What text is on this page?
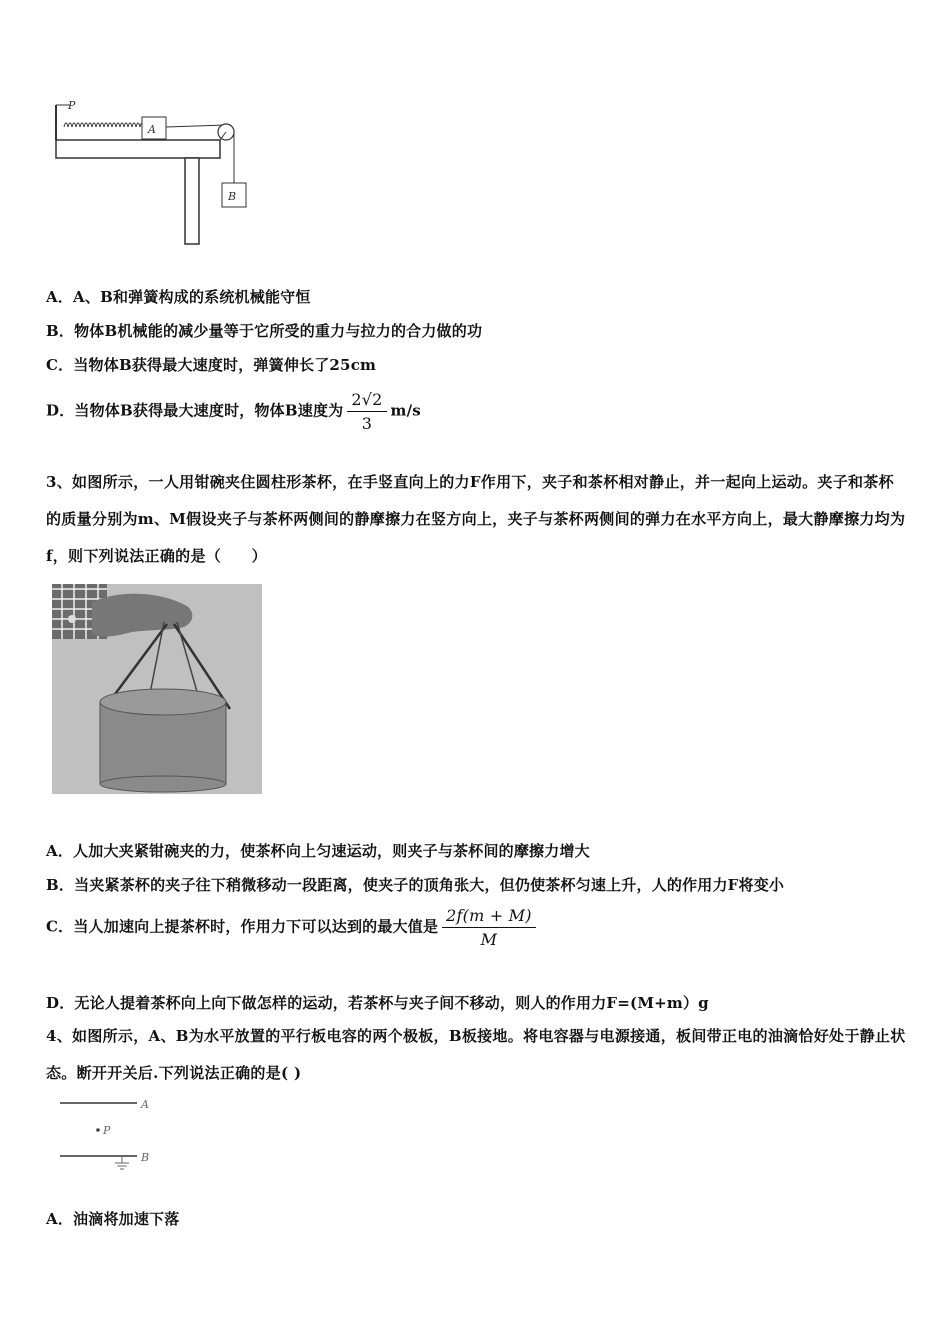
P
A
B
A．A、B和弹簧构成的系统机械能守恒
B．物体B机械能的减少量等于它所受的重力与拉力的合力做的功
C．当物体B获得最大速度时，弹簧伸长了25cm
D．当物体B获得最大速度时，物体B速度为 $\frac{2√2}{3} m/s$
3、如图所示，一人用钳碗夹住圆柱形茶杯，在手竖直向上的力F作用下，夹子和茶杯相对静止，并一起向上运动。夹子和茶杯的质量分别为m、M假设夹子与茶杯两侧间的静摩擦力在竖方向上，夹子与茶杯两侧间的弹力在水平方向上，最大静摩擦力均为f，则下列说法正确的是（　　）
A．人加大夹紧钳碗夹的力，使茶杯向上匀速运动，则夹子与茶杯间的摩擦力增大
B．当夹紧茶杯的夹子往下稍微移动一段距离，使夹子的顶角张大，但仍使茶杯匀速上升，人的作用力F将变小
C．当人加速向上提茶杯时，作用力下可以达到的最大值是 $\frac{2f(m + M)}{M}$
D．无论人提着茶杯向上向下做怎样的运动，若茶杯与夹子间不移动，则人的作用力F=(M+m）g
4、如图所示，A、B为水平放置的平行板电容的两个极板，B板接地。将电容器与电源接通，板间带正电的油滴恰好处于静止状态。断开开关后.下列说法正确的是( )
A
P
B
A．油滴将加速下落
